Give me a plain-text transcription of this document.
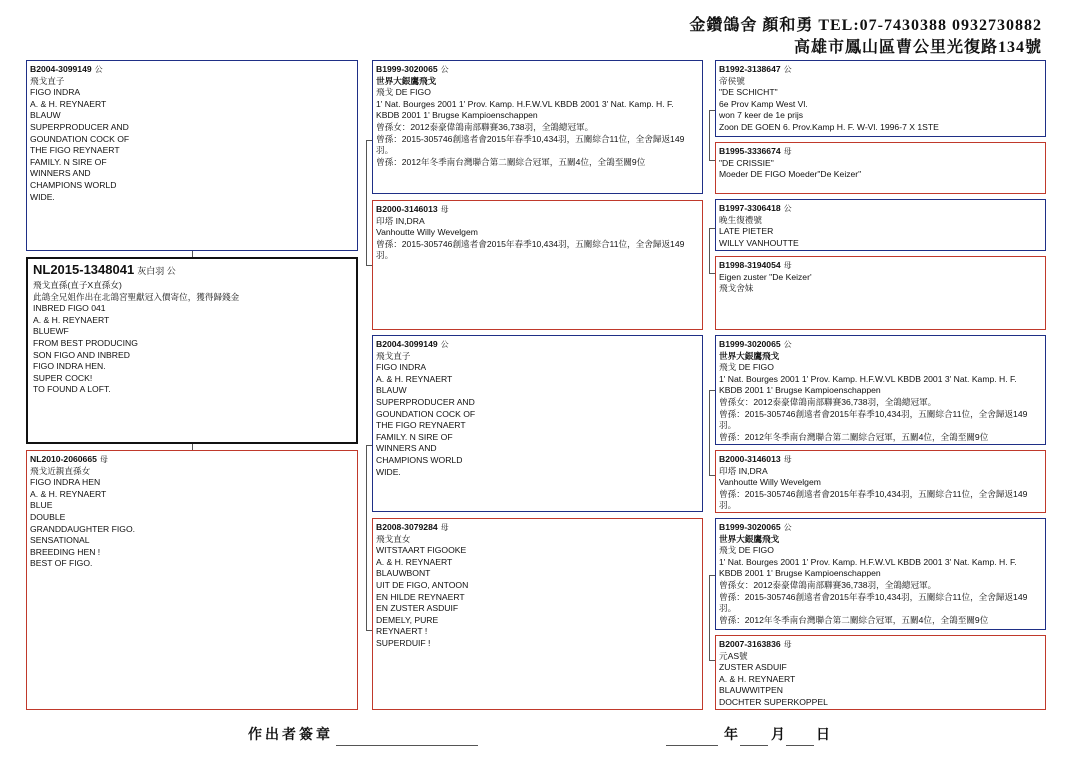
金鑽鴿舍 顏和勇 TEL:07-7430388 0932730882
高雄市鳳山區曹公里光復路134號
B2004-3099149 公
飛戈直子
FIGO INDRA
A. & H. REYNAERT
BLAUW
SUPERPRODUCER AND
GOUNDATION COCK OF
THE FIGO REYNAERT
FAMILY. N SIRE OF
WINNERS AND
CHAMPIONS WORLD
WIDE.
NL2015-1348041 灰白羽 公
飛戈直孫(直子X直孫女)
此鴿全兄姐作出在北鴿宮聖獻冠入價寄位，獲得歸錢金
INBRED FIGO 041
A. & H. REYNAERT
BLUEWF
FROM BEST PRODUCING
SON FIGO AND INBRED
FIGO INDRA HEN.
SUPER COCK!
TO FOUND A LOFT.
NL2010-2060665 母
飛戈近親直孫女
FIGO INDRA HEN
A. & H. REYNAERT
BLUE
DOUBLE
GRANDDAUGHTER FIGO.
SENSATIONAL
BREEDING HEN !
BEST OF FIGO.
B1999-3020065 公
世界大銀鷹飛戈
飛戈 DE FIGO
1' Nat. Bourges 2001 1' Prov. Kamp. H.F.W.VL KBDB 2001 3' Nat. Kamp. H. F. KBDB 2001 1' Brugse Kampioenschappen
曾孫女：2012泰豪偉鴿南部聯賽36,738羽，全鴿總冠軍。
曾孫：2015-305746創遠者會2015年春季10,434羽，五關綜合11位，全舍歸返149羽。
曾孫：2012年冬季南台灣聯合第二關綜合冠軍，五關4位，全鴿至關9位
B2000-3146013 母
印塔 IN,DRA
Vanhoutte Willy Wevelgem
曾孫：2015-305746創遠者會2015年春季10,434羽，五關綜合11位，全舍歸返149羽。
B2004-3099149 公
飛戈直子
FIGO INDRA
A. & H. REYNAERT
BLAUW
SUPERPRODUCER AND
GOUNDATION COCK OF
THE FIGO REYNAERT
FAMILY. N SIRE OF
WINNERS AND
CHAMPIONS WORLD
WIDE.
B2008-3079284 母
飛戈直女
WITSTAART FIGOOKE
A. & H. REYNAERT
BLAUWBONT
UIT DE FIGO, ANTOON
EN HILDE REYNAERT
EN ZUSTER ASDUIF
DEMELY, PURE
REYNAERT !
SUPERDUIF !
B1992-3138647 公
帝侯號
"DE SCHICHT"
6e Prov Kamp West Vl.
won 7 keer de 1e prijs
Zoon DE GOEN 6. Prov.Kamp H. F. W-Vl. 1996-7 X 1STE
B1995-3336674 母
"DE CRISSIE"
Moeder DE FIGO Moeder"De Keizer"
B1997-3306418 公
晚生復禮號
LATE PIETER
WILLY VANHOUTTE
B1998-3194054 母
Eigen zuster "De Keizer'
飛戈舍妹
B1999-3020065 公
世界大銀鷹飛戈
飛戈 DE FIGO
1' Nat. Bourges 2001 1' Prov. Kamp. H.F.W.VL KBDB 2001 3' Nat. Kamp. H. F. KBDB 2001 1' Brugse Kampioenschappen
曾孫女：2012泰豪偉鴿南部聯賽36,738羽，全鴿總冠軍。
曾孫：2015-305746創遠者會2015年春季10,434羽，五關綜合11位，全舍歸返149羽。
曾孫：2012年冬季南台灣聯合第二關綜合冠軍，五關4位，全鴿至關9位
B2000-3146013 母
印塔 IN,DRA
Vanhoutte Willy Wevelgem
曾孫：2015-305746創遠者會2015年春季10,434羽，五關綜合11位，全舍歸返149羽。
B1999-3020065 公
世界大銀鷹飛戈
飛戈 DE FIGO
1' Nat. Bourges 2001 1' Prov. Kamp. H.F.W.VL KBDB 2001 3' Nat. Kamp. H. F. KBDB 2001 1' Brugse Kampioenschappen
曾孫女：2012泰豪偉鴿南部聯賽36,738羽，全鴿總冠軍。
曾孫：2015-305746創遠者會2015年春季10,434羽，五關綜合11位，全舍歸返149羽。
曾孫：2012年冬季南台灣聯合第二關綜合冠軍，五關4位，全鴿至關9位
B2007-3163836 母
元AS號
ZUSTER ASDUIF
A. & H. REYNAERT
BLAUWWITPEN
DOCHTER SUPERKOPPEL
作出者簽章	年 月 日
